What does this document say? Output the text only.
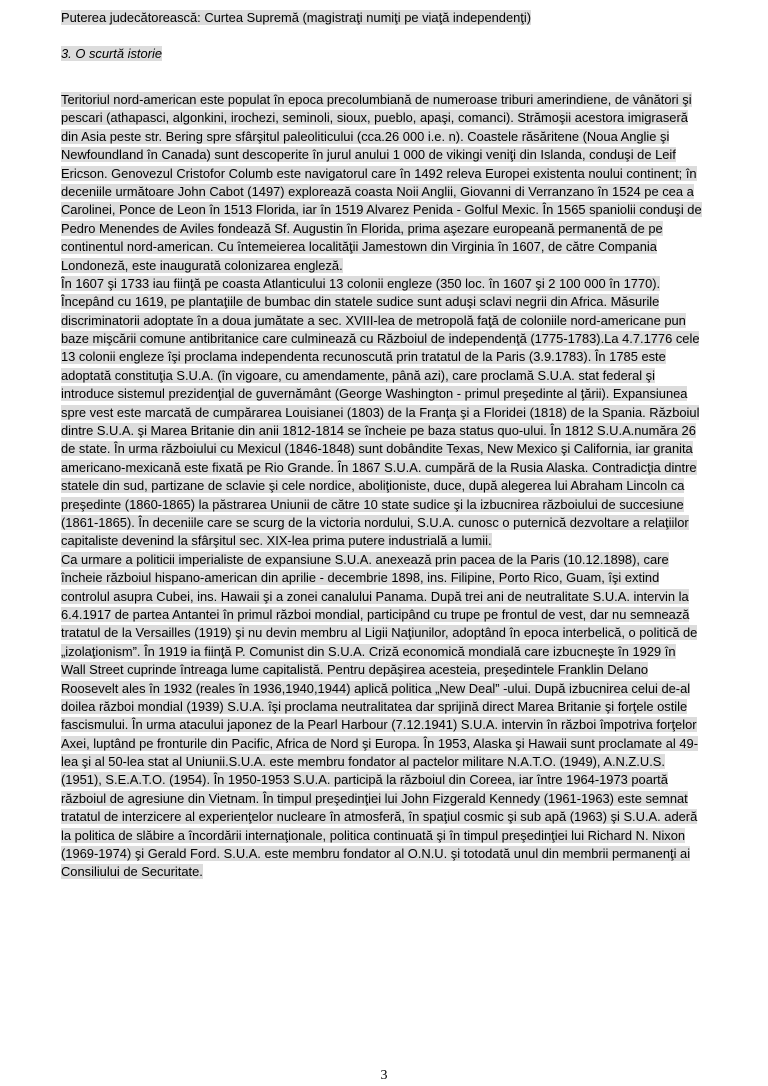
Puterea judecătorească: Curtea Supremă (magistraţi numiţi pe viaţă independenţi)
3. O scurtă istorie
Teritoriul nord-american este populat în epoca precolumbiană de numeroase triburi amerindiene, de vânători şi
pescari (athapasci, algonkini, irochezi, seminoli, sioux, pueblo, apaşi, comanci). Strămoşii acestora imigraseră
din Asia peste str. Bering spre sfârşitul paleoliticului (cca.26 000 i.e. n). Coastele răsăritene (Noua Anglie şi
Newfoundland în Canada) sunt descoperite în jurul anului 1 000 de vikingi veniţi din Islanda, conduşi de Leif
Ericson. Genovezul Cristofor Columb este navigatorul care în 1492 releva Europei existenta noului continent; în
deceniile următoare John Cabot (1497) explorează coasta Noii Anglii, Giovanni di Verranzano în 1524 pe cea a
Carolinei, Ponce de Leon în 1513 Florida, iar în 1519 Alvarez Penida - Golful Mexic. În 1565 spaniolii conduşi de
Pedro Menendes de Aviles fondează Sf. Augustin în Florida, prima aşezare europeană permanentă de pe
continentul nord-american. Cu întemeierea localităţii Jamestown din Virginia în 1607, de către Compania
Londoneză, este inaugurată colonizarea engleză.
În 1607 şi 1733 iau fiinţă pe coasta Atlanticului 13 colonii engleze (350 loc. în 1607 şi 2 100 000 în 1770).
Începând cu 1619, pe plantaţiile de bumbac din statele sudice sunt aduşi sclavi negrii din Africa. Măsurile
discriminatorii adoptate în a doua jumătate a sec. XVIII-lea de metropolă faţă de coloniile nord-americane pun
baze mişcării comune antibritanice care culminează cu Războiul de independenţă (1775-1783).La 4.7.1776 cele
13 colonii engleze îşi proclama independenta recunoscută prin tratatul de la Paris (3.9.1783). În 1785 este
adoptată constituţia S.U.A. (în vigoare, cu amendamente, până azi), care proclamă S.U.A. stat federal şi
introduce sistemul prezidenţial de guvernământ (George Washington - primul preşedinte al ţării). Expansiunea
spre vest este marcată de cumpărarea Louisianei (1803) de la Franţa şi a Floridei (1818) de la Spania. Războiul
dintre S.U.A. şi Marea Britanie din anii 1812-1814 se încheie pe baza status quo-ului. În 1812 S.U.A.număra 26
de state. În urma războiului cu Mexicul (1846-1848) sunt dobândite Texas, New Mexico şi California, iar granita
americano-mexicană este fixată pe Rio Grande. În 1867 S.U.A. cumpără de la Rusia Alaska. Contradicţia dintre
statele din sud, partizane de sclavie şi cele nordice, aboliţioniste, duce, după alegerea lui Abraham Lincoln ca
preşedinte (1860-1865) la păstrarea Uniunii de către 10 state sudice şi la izbucnirea războiului de succesiune
(1861-1865). În deceniile care se scurg de la victoria nordului, S.U.A. cunosc o puternică dezvoltare a relaţiilor
capitaliste devenind la sfârşitul sec. XIX-lea prima putere industrială a lumii.
Ca urmare a politicii imperialiste de expansiune S.U.A. anexează prin pacea de la Paris (10.12.1898), care
încheie războiul hispano-american din aprilie - decembrie 1898, ins. Filipine, Porto Rico, Guam, îşi extind
controlul asupra Cubei, ins. Hawaii şi a zonei canalului Panama. După trei ani de neutralitate S.U.A. intervin la
6.4.1917 de partea Antantei în primul război mondial, participând cu trupe pe frontul de vest, dar nu semnează
tratatul de la Versailles (1919) şi nu devin membru al Ligii Naţiunilor, adoptând în epoca interbelică, o politică de
„izolaţionism”. În 1919 ia fiinţă P. Comunist din S.U.A. Criză economică mondială care izbucneşte în 1929 în
Wall Street cuprinde întreaga lume capitalistă. Pentru depăşirea acesteia, preşedintele Franklin Delano
Roosevelt ales în 1932 (reales în 1936,1940,1944) aplică politica „New Deal” -ului. După izbucnirea celui de-al
doilea război mondial (1939) S.U.A. îşi proclama neutralitatea dar sprijină direct Marea Britanie şi forţele ostile
fascismului. În urma atacului japonez de la Pearl Harbour (7.12.1941) S.U.A. intervin în război împotriva forţelor
Axei, luptând pe fronturile din Pacific, Africa de Nord şi Europa. În 1953, Alaska şi Hawaii sunt proclamate al 49-
lea şi al 50-lea stat al Uniunii.S.U.A. este membru fondator al pactelor militare N.A.T.O. (1949), A.N.Z.U.S.
(1951), S.E.A.T.O. (1954). În 1950-1953 S.U.A. participă la războiul din Coreea, iar între 1964-1973 poartă
războiul de agresiune din Vietnam. În timpul preşedinţiei lui John Fizgerald Kennedy (1961-1963) este semnat
tratatul de interzicere al experienţelor nucleare în atmosferă, în spaţiul cosmic şi sub apă (1963) şi S.U.A. aderă
la politica de slăbire a încordării internaţionale, politica continuată şi în timpul preşedinţiei lui Richard N. Nixon
(1969-1974) şi Gerald Ford. S.U.A. este membru fondator al O.N.U. şi totodată unul din membrii permanenţi ai
Consiliului de Securitate.
3
